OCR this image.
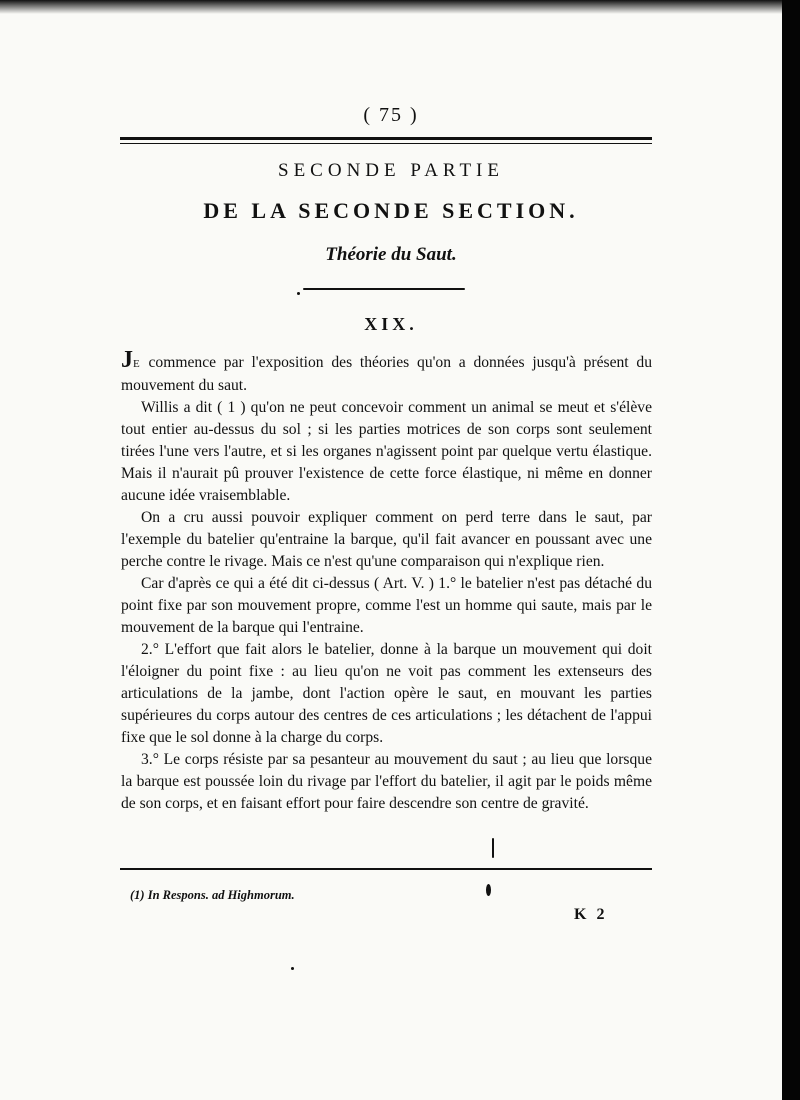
( 75 )
SECONDE PARTIE
DE LA SECONDE SECTION.
Théorie du Saut.
XIX.

JE commence par l'exposition des théories qu'on a données jusqu'à présent du mouvement du saut.

Willis a dit ( 1 ) qu'on ne peut concevoir comment un animal se meut et s'élève tout entier au-dessus du sol ; si les parties motrices de son corps sont seulement tirées l'une vers l'autre, et si les organes n'agissent point par quelque vertu élastique. Mais il n'aurait pû prouver l'existence de cette force élastique, ni même en donner aucune idée vraisemblable.

On a cru aussi pouvoir expliquer comment on perd terre dans le saut, par l'exemple du batelier qu'entraine la barque, qu'il fait avancer en poussant avec une perche contre le rivage. Mais ce n'est qu'une comparaison qui n'explique rien.

Car d'après ce qui a été dit ci-dessus ( Art. V. ) 1.° le batelier n'est pas détaché du point fixe par son mouvement propre, comme l'est un homme qui saute, mais par le mouvement de la barque qui l'entraine.

2.° L'effort que fait alors le batelier, donne à la barque un mouvement qui doit l'éloigner du point fixe : au lieu qu'on ne voit pas comment les extenseurs des articulations de la jambe, dont l'action opère le saut, en mouvant les parties supérieures du corps autour des centres de ces articulations ; les détachent de l'appui fixe que le sol donne à la charge du corps.

3.° Le corps résiste par sa pesanteur au mouvement du saut ; au lieu que lorsque la barque est poussée loin du rivage par l'effort du batelier, il agit par le poids même de son corps, et en faisant effort pour faire descendre son centre de gravité.

(1) In Respons. ad Highmorum.
K 2
